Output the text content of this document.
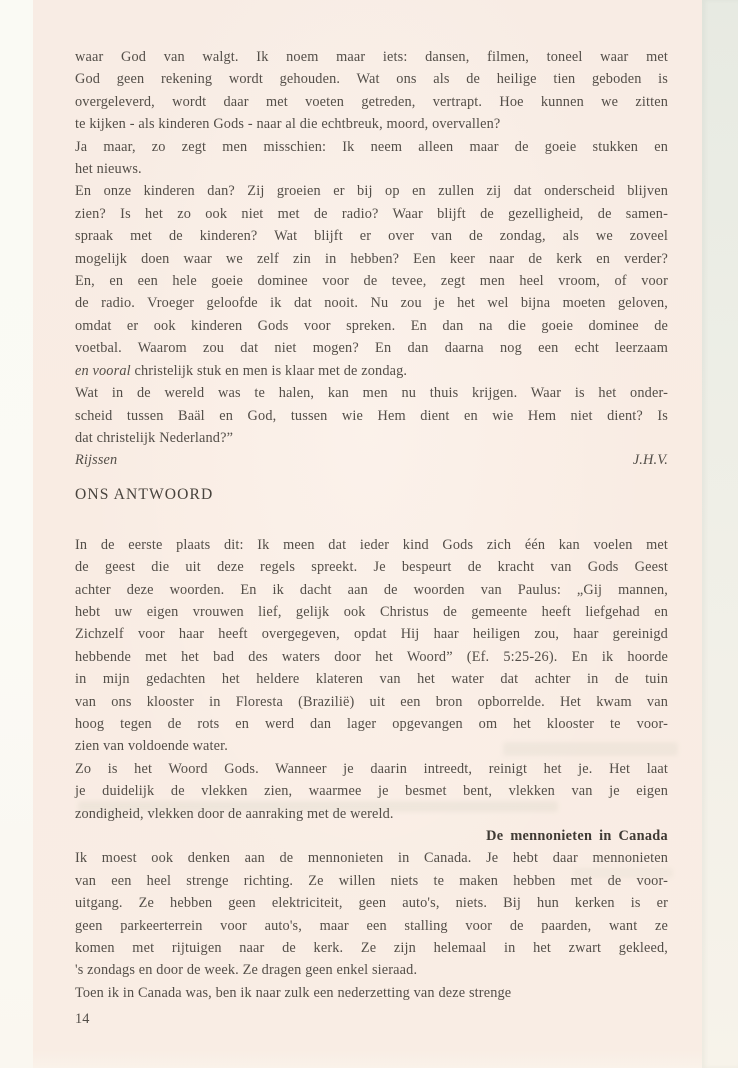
waar God van walgt. Ik noem maar iets: dansen, filmen, toneel waar met
God geen rekening wordt gehouden. Wat ons als de heilige tien geboden is
overgeleverd, wordt daar met voeten getreden, vertrapt. Hoe kunnen we zitten
te kijken - als kinderen Gods - naar al die echtbreuk, moord, overvallen?
Ja maar, zo zegt men misschien: Ik neem alleen maar de goeie stukken en
het nieuws.
En onze kinderen dan? Zij groeien er bij op en zullen zij dat onderscheid blijven
zien? Is het zo ook niet met de radio? Waar blijft de gezelligheid, de samen-
spraak met de kinderen? Wat blijft er over van de zondag, als we zoveel
mogelijk doen waar we zelf zin in hebben? Een keer naar de kerk en verder?
En, en een hele goeie dominee voor de tevee, zegt men heel vroom, of voor
de radio. Vroeger geloofde ik dat nooit. Nu zou je het wel bijna moeten geloven,
omdat er ook kinderen Gods voor spreken. En dan na die goeie dominee de
voetbal. Waarom zou dat niet mogen? En dan daarna nog een echt leerzaam
en vooral christelijk stuk en men is klaar met de zondag.
Wat in de wereld was te halen, kan men nu thuis krijgen. Waar is het onder-
scheid tussen Baäl en God, tussen wie Hem dient en wie Hem niet dient? Is
dat christelijk Nederland?”
Rijssen	J.H.V.
ONS ANTWOORD
In de eerste plaats dit: Ik meen dat ieder kind Gods zich één kan voelen met
de geest die uit deze regels spreekt. Je bespeurt de kracht van Gods Geest
achter deze woorden. En ik dacht aan de woorden van Paulus: „Gij mannen,
hebt uw eigen vrouwen lief, gelijk ook Christus de gemeente heeft liefgehad en
Zichzelf voor haar heeft overgegeven, opdat Hij haar heiligen zou, haar gereinigd
hebbende met het bad des waters door het Woord” (Ef. 5:25-26). En ik hoorde
in mijn gedachten het heldere klateren van het water dat achter in de tuin
van ons klooster in Floresta (Brazilië) uit een bron opborrelde. Het kwam van
hoog tegen de rots en werd dan lager opgevangen om het klooster te voor-
zien van voldoende water.
Zo is het Woord Gods. Wanneer je daarin intreedt, reinigt het je. Het laat
je duidelijk de vlekken zien, waarmee je besmet bent, vlekken van je eigen
zondigheid, vlekken door de aanraking met de wereld.
De mennonieten in Canada
Ik moest ook denken aan de mennonieten in Canada. Je hebt daar mennonieten
van een heel strenge richting. Ze willen niets te maken hebben met de voor-
uitgang. Ze hebben geen elektriciteit, geen auto's, niets. Bij hun kerken is er
geen parkeerterrein voor auto's, maar een stalling voor de paarden, want ze
komen met rijtuigen naar de kerk. Ze zijn helemaal in het zwart gekleed,
's zondags en door de week. Ze dragen geen enkel sieraad.
Toen ik in Canada was, ben ik naar zulk een nederzetting van deze strenge
14
